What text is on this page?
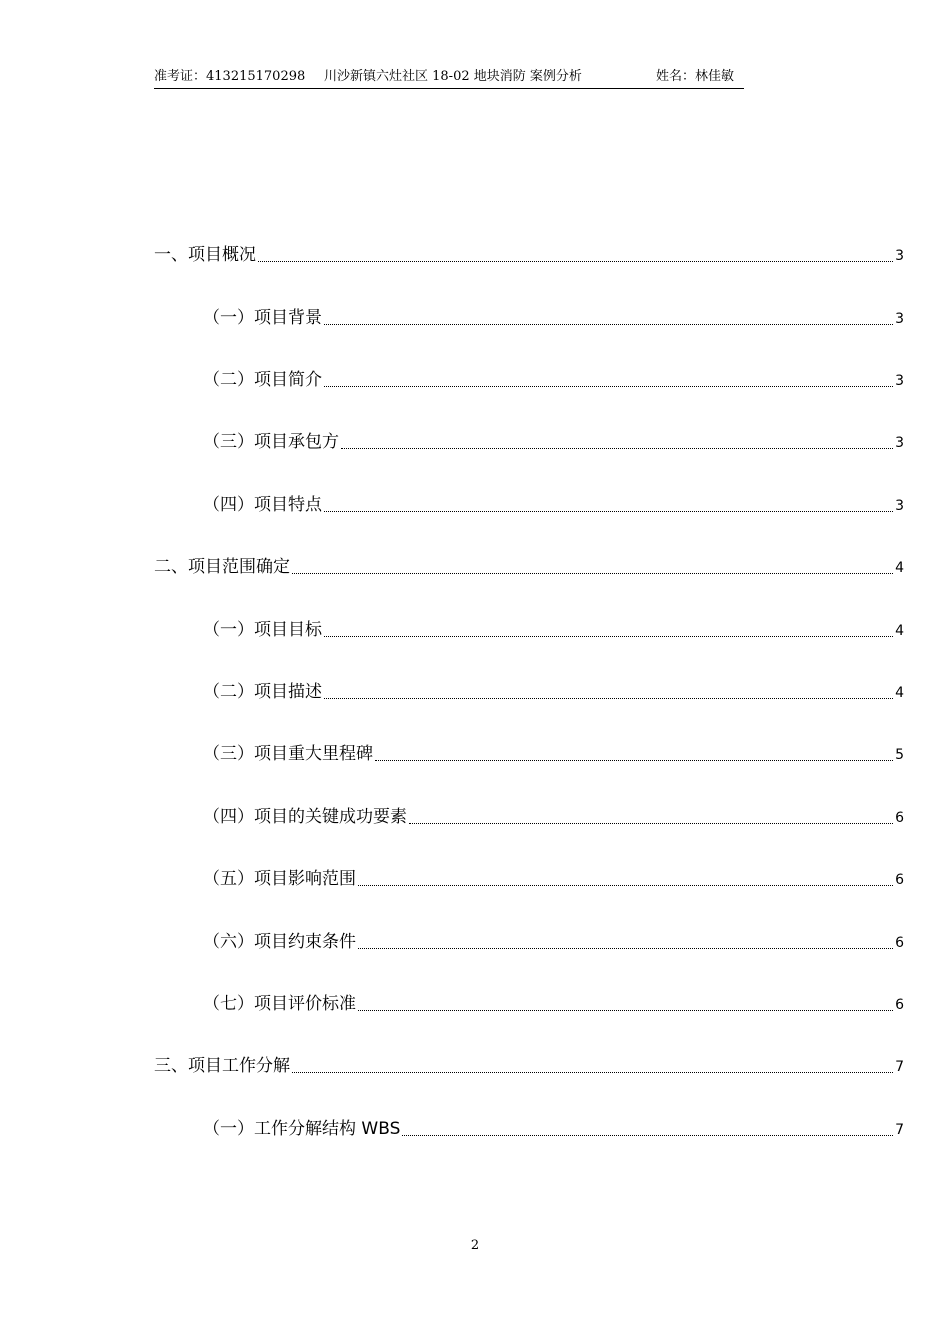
准考证：413215170298 川沙新镇六灶社区 18-02 地块消防 案例分析	姓名：林佳敏
一、项目概况	3
（一）项目背景	3
（二）项目简介	3
（三）项目承包方	3
（四）项目特点	3
二、项目范围确定	4
（一）项目目标	4
（二）项目描述	4
（三）项目重大里程碑	5
（四）项目的关键成功要素	6
（五）项目影响范围	6
（六）项目约束条件	6
（七）项目评价标准	6
三、项目工作分解	7
（一）工作分解结构 WBS	7
2
